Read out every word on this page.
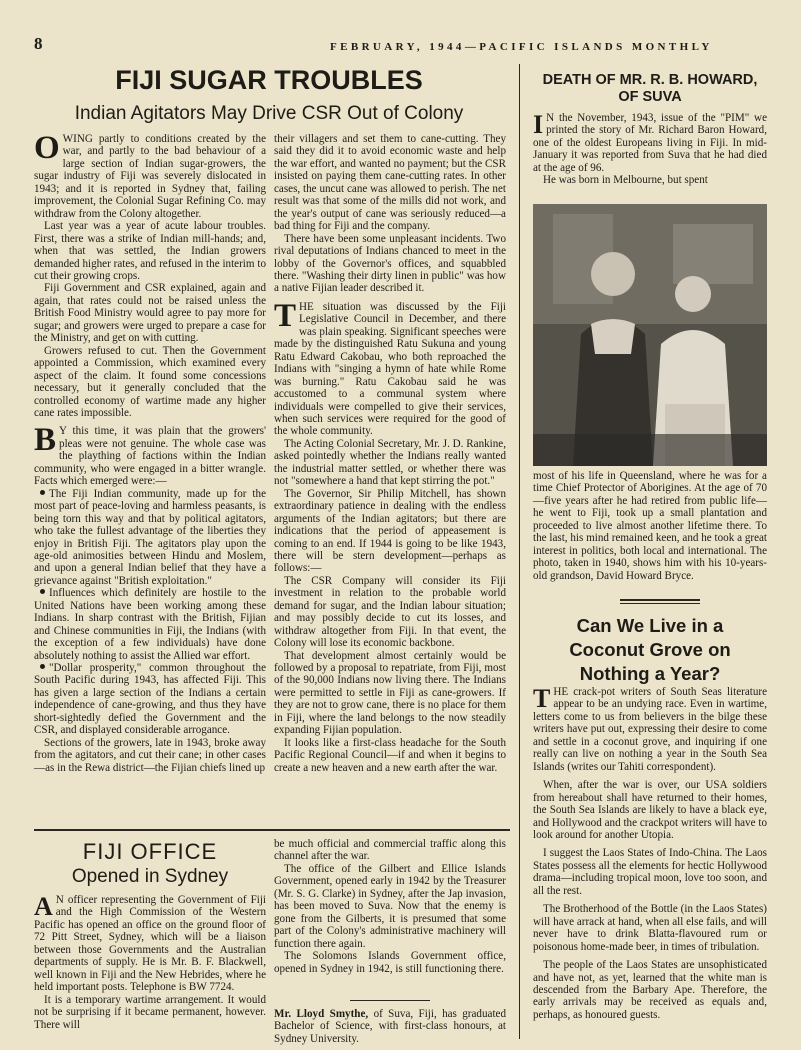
8	FEBRUARY, 1944—PACIFIC ISLANDS MONTHLY
FIJI SUGAR TROUBLES
Indian Agitators May Drive CSR Out of Colony

OWING partly to conditions created by the war, and partly to the bad behaviour of a large section of Indian sugar-growers, the sugar industry of Fiji was severely dislocated in 1943; and it is reported in Sydney that, failing improvement, the Colonial Sugar Refining Co. may withdraw from the Colony altogether.

Last year was a year of acute labour troubles. First, there was a strike of Indian mill-hands; and, when that was settled, the Indian growers demanded higher rates, and refused in the interim to cut their growing crops.

Fiji Government and CSR explained, again and again, that rates could not be raised unless the British Food Ministry would agree to pay more for sugar; and growers were urged to prepare a case for the Ministry, and get on with cutting.

Growers refused to cut. Then the Government appointed a Commission, which examined every aspect of the claim. It found some concessions necessary, but it generally concluded that the controlled economy of wartime made any higher cane rates impossible.

B Y this time, it was plain that the growers' pleas were not genuine. The whole case was the plaything of factions within the Indian community, who were engaged in a bitter wrangle. Facts which emerged were:—

The Fiji Indian community, made up for the most part of peace-loving and harmless peasants, is being torn this way and that by political agitators, who take the fullest advantage of the liberties they enjoy in British Fiji. The agitators play upon the age-old animosities between Hindu and Moslem, and upon a general Indian belief that they have a grievance against "British exploitation."

Influences which definitely are hostile to the United Nations have been working among these Indians. In sharp contrast with the British, Fijian and Chinese communities in Fiji, the Indians (with the exception of a few individuals) have done absolutely nothing to assist the Allied war effort.

"Dollar prosperity," common throughout the South Pacific during 1943, has affected Fiji. This has given a large section of the Indians a certain independence of cane-growing, and thus they have short-sightedly defied the Government and the CSR, and displayed considerable arrogance.

Sections of the growers, late in 1943, broke away from the agitators, and cut their cane; in other cases—as in the Rewa district—the Fijian chiefs lined up

their villagers and set them to cane-cutting. They said they did it to avoid economic waste and help the war effort, and wanted no payment; but the CSR insisted on paying them cane-cutting rates. In other cases, the uncut cane was allowed to perish. The net result was that some of the mills did not work, and the year's output of cane was seriously reduced—a bad thing for Fiji and the company.

There have been some unpleasant incidents. Two rival deputations of Indians chanced to meet in the lobby of the Governor's offices, and squabbled there. "Washing their dirty linen in public" was how a native Fijian leader described it.

THE situation was discussed by the Fiji Legislative Council in December, and there was plain speaking. Significant speeches were made by the distinguished Ratu Sukuna and young Ratu Edward Cakobau, who both reproached the Indians with "singing a hymn of hate while Rome was burning." Ratu Cakobau said he was accustomed to a communal system where individuals were compelled to give their services, when such services were required for the good of the whole community.

The Acting Colonial Secretary, Mr. J. D. Rankine, asked pointedly whether the Indians really wanted the industrial matter settled, or whether there was not "somewhere a hand that kept stirring the pot."

The Governor, Sir Philip Mitchell, has shown extraordinary patience in dealing with the endless arguments of the Indian agitators; but there are indications that the period of appeasement is coming to an end. If 1944 is going to be like 1943, there will be stern development—perhaps as follows:—

The CSR Company will consider its Fiji investment in relation to the probable world demand for sugar, and the Indian labour situation; and may possibly decide to cut its losses, and withdraw altogether from Fiji. In that event, the Colony will lose its economic backbone.

That development almost certainly would be followed by a proposal to repatriate, from Fiji, most of the 90,000 Indians now living there. The Indians were permitted to settle in Fiji as cane-growers. If they are not to grow cane, there is no place for them in Fiji, where the land belongs to the now steadily expanding Fijian population.

It looks like a first-class headache for the South Pacific Regional Council—if and when it begins to create a new heaven and a new earth after the war.

DEATH OF MR. R. B. HOWARD, OF SUVA

I N the November, 1943, issue of the "PIM" we printed the story of Mr. Richard Baron Howard, one of the oldest Europeans living in Fiji. In mid-January it was reported from Suva that he had died at the age of 96.

He was born in Melbourne, but spent

most of his life in Queensland, where he was for a time Chief Protector of Aborigines. At the age of 70—five years after he had retired from public life—he went to Fiji, took up a small plantation and proceeded to live almost another lifetime there. To the last, his mind remained keen, and he took a great interest in politics, both local and international. The photo, taken in 1940, shows him with his 10-years-old grandson, David Howard Bryce.

Can We Live in a
Coconut Grove on
Nothing a Year?

THE crack-pot writers of South Seas literature appear to be an undying race. Even in wartime, letters come to us from believers in the bilge these writers have put out, expressing their desire to come and settle in a coconut grove, and inquiring if one really can live on nothing a year in the South Sea Islands (writes our Tahiti correspondent).

When, after the war is over, our USA soldiers from hereabout shall have returned to their homes, the South Sea Islands are likely to have a black eye, and Hollywood and the crackpot writers will have to look around for another Utopia.

I suggest the Laos States of Indo-China. The Laos States possess all the elements for hectic Hollywood drama—including tropical moon, love too soon, and all the rest.

The Brotherhood of the Bottle (in the Laos States) will have arrack at hand, when all else fails, and will never have to drink Blatta-flavoured rum or poisonous home-made beer, in times of tribulation.

The people of the Laos States are unsophisticated and have not, as yet, learned that the white man is descended from the Barbary Ape. Therefore, the early arrivals may be received as equals and, perhaps, as honoured guests.

FIJI OFFICE
Opened in Sydney

A N officer representing the Government of Fiji and the High Commission of the Western Pacific has opened an office on the ground floor of 72 Pitt Street, Sydney, which will be a liaison between those Governments and the Australian departments of supply. He is Mr. B. F. Blackwell, well known in Fiji and the New Hebrides, where he held important posts. Telephone is BW 7724.

It is a temporary wartime arrangement. It would not be surprising if it became permanent, however. There will

be much official and commercial traffic along this channel after the war.

The office of the Gilbert and Ellice Islands Government, opened early in 1942 by the Treasurer (Mr. S. G. Clarke) in Sydney, after the Jap invasion, has been moved to Suva. Now that the enemy is gone from the Gilberts, it is presumed that some part of the Colony's administrative machinery will function there again.

The Solomons Islands Government office, opened in Sydney in 1942, is still functioning there.

Mr. Lloyd Smythe, of Suva, Fiji, has graduated Bachelor of Science, with first-class honours, at Sydney University.
